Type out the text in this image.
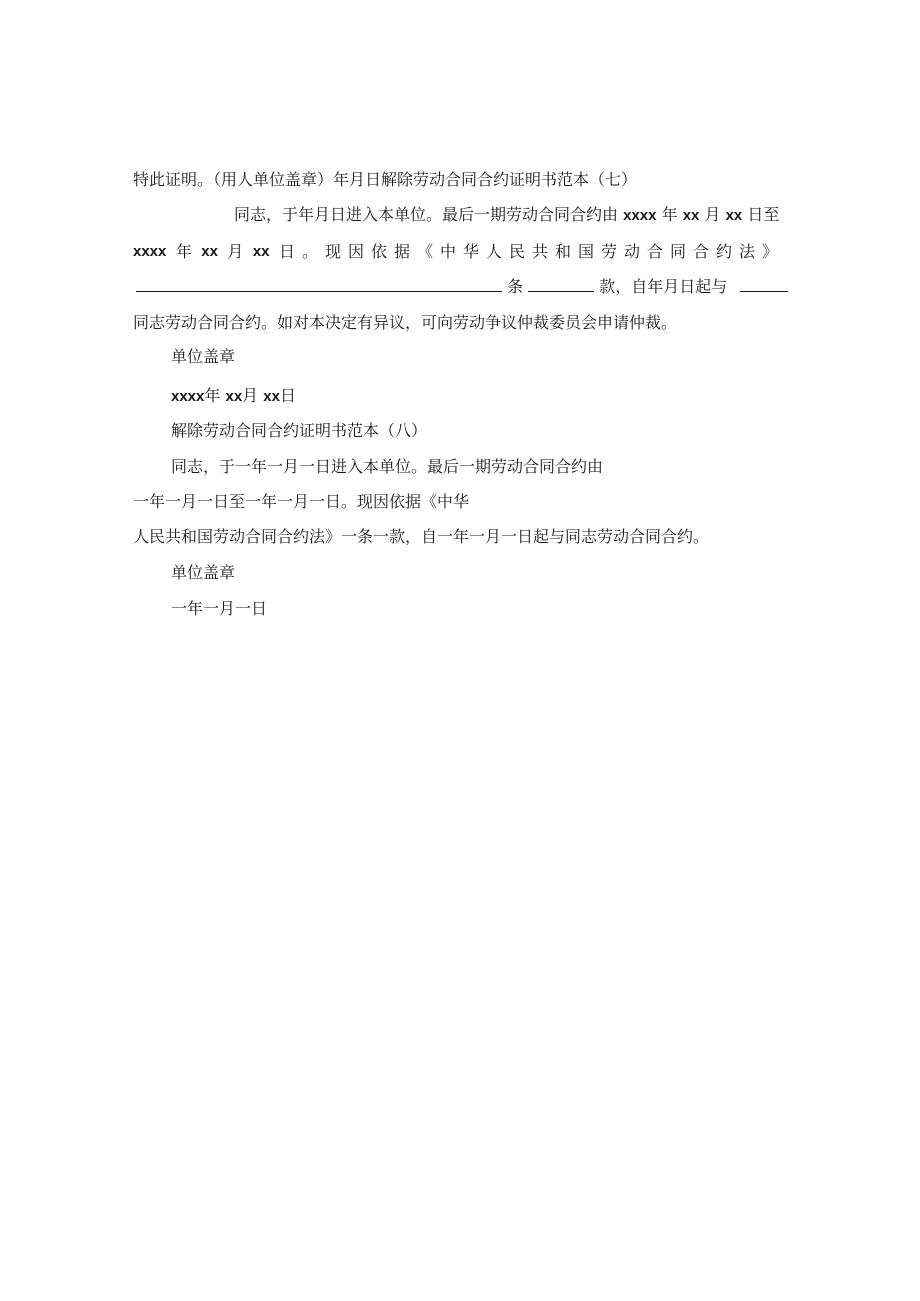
特此证明。（用人单位盖章）年月日解除劳动合同合约证明书范本（七）
同志，于年月日进入本单位。最后一期劳动合同合约由 xxxx 年 xx 月 xx 日至
xxxx 年 xx 月 xx 日。现因依据《中华人民共和国劳动合同合约法》
条	款，自年月日起与
同志劳动合同合约。如对本决定有异议，可向劳动争议仲裁委员会申请仲裁。
单位盖章
xxxx年 xx月 xx日
解除劳动合同合约证明书范本（八）
同志，于一年一月一日进入本单位。最后一期劳动合同合约由
一年一月一日至一年一月一日。现因依据《中华
人民共和国劳动合同合约法》一条一款，自一年一月一日起与同志劳动合同合约。
单位盖章
一年一月一日
